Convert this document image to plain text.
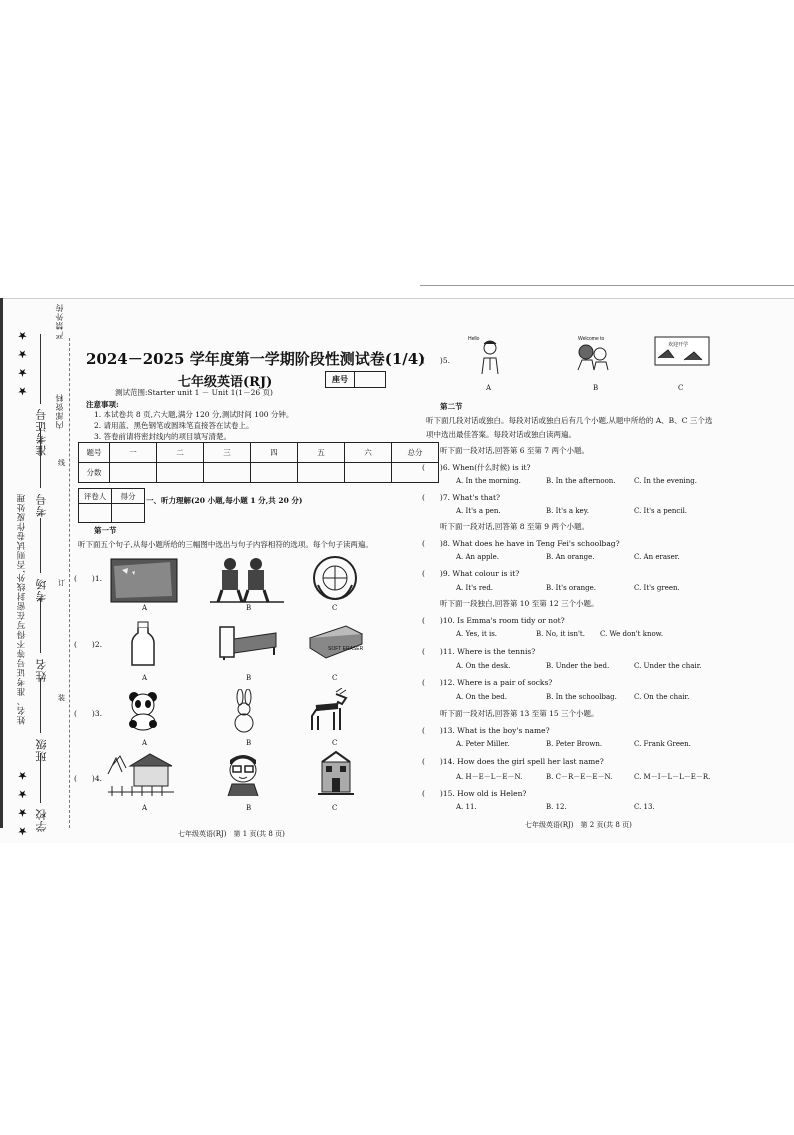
姓名、准考证号等不得写在密封线外,否则试卷作废处理
★ ★ ★ ★
★ ★ ★ ★
准考证号
考号
考场
姓名
班级
学校
严禁外传
内部资料
线
订
装
2024－2025 学年度第一学期阶段性测试卷(1/4)
七年级英语(RJ)	座号
测试范围:Starter unit 1 － Unit 1(1－26 页)
注意事项:
1. 本试卷共 8 页,六大题,满分 120 分,测试时间 100 分钟。
2. 请用蓝、黑色钢笔或圆珠笔直接答在试卷上。
3. 答卷前请将密封线内的项目填写清楚。
题号	一	二	三	四	五	六	总分
分数							
评卷人	得分
	一、听力理解(20 小题,每小题 1 分,共 20 分)
第一节
听下面五个句子,从每小题所给的三幅图中选出与句子内容相符的选项。每个句子读两遍。
(　　)1.
A	B	C
(　　)2.	SOFT ERASER
A	B	C
(　　)3.
A	B	C
(　　)4.
A	B	C
七年级英语(RJ)　第 1 页(共 8 页)
(　　)5.
Hello	Welcome to
欢迎开学
A	B	C
第二节
听下面几段对话或独白。每段对话或独白后有几个小题,从题中所给的 A、B、C 三个选
项中选出最佳答案。每段对话或独白读两遍。
听下面一段对话,回答第 6 至第 7 两个小题。
(　　)6. When(什么时候) is it?
A. In the morning.	B. In the afternoon.	C. In the evening.
(　　)7. What's that?
A. It's a pen.	B. It's a key.	C. It's a pencil.
听下面一段对话,回答第 8 至第 9 两个小题。
(　　)8. What does he have in Teng Fei's schoolbag?
A. An apple.	B. An orange.	C. An eraser.
(　　)9. What colour is it?
A. It's red.	B. It's orange.	C. It's green.
听下面一段独白,回答第 10 至第 12 三个小题。
(　　)10. Is Emma's room tidy or not?
A. Yes, it is.	B. No, it isn't. C. We don't know.
(　　)11. Where is the tennis?
A. On the desk.	B. Under the bed.	C. Under the chair.
(　　)12. Where is a pair of socks?
A. On the bed.	B. In the schoolbag. C. On the chair.
听下面一段对话,回答第 13 至第 15 三个小题。
(　　)13. What is the boy's name?
A. Peter Miller.	B. Peter Brown.	C. Frank Green.
(　　)14. How does the girl spell her last name?
A. H－E－L－E－N.	B. C－R－E－E－N.	C. M－I－L－L－E－R.
(　　)15. How old is Helen?
A. 11.	B. 12.	C. 13.
七年级英语(RJ)　第 2 页(共 8 页)
